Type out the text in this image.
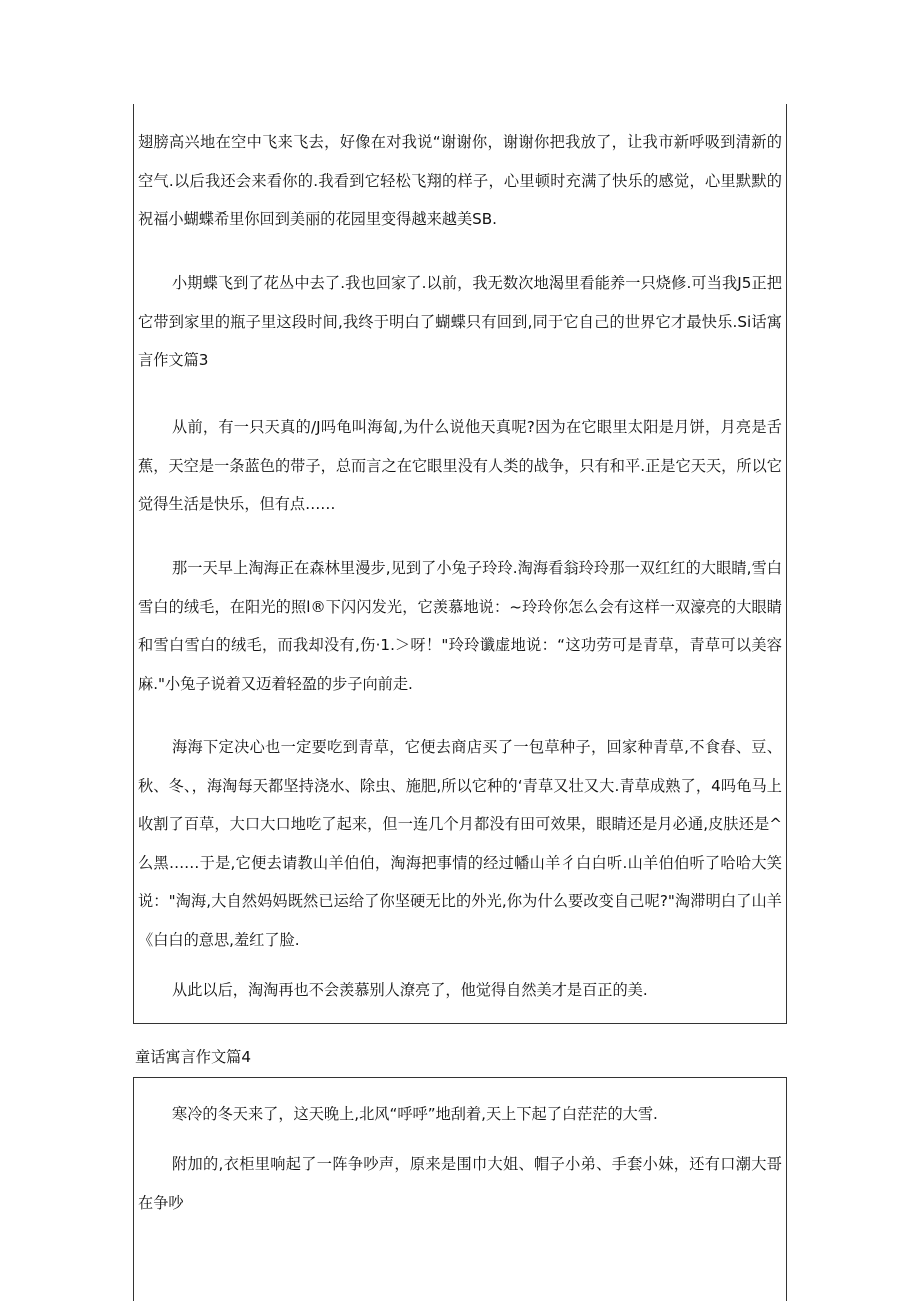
翅膀高兴地在空中飞来飞去，好像在对我说“谢谢你，谢谢你把我放了，让我市新呼吸到清新的空气.以后我还会来看你的.我看到它轻松飞翔的样子，心里顿时充满了快乐的感觉，心里默默的祝福小蝴蝶希里你回到美丽的花园里变得越来越美SB.

小期蝶飞到了花丛中去了.我也回家了.以前，我无数次地渴里看能养一只烧修.可当我J5正把它带到家里的瓶子里这段时间,我终于明白了蝴蝶只有回到,同于它自己的世界它才最快乐.Si话寓言作文篇3

从前，有一只天真的/J吗龟叫海匐,为什么说他天真呢?因为在它眼里太阳是月饼，月亮是舌蕉，天空是一条蓝色的带子，总而言之在它眼里没有人类的战争，只有和平.正是它天天，所以它觉得生活是快乐，但有点……

那一天早上淘海正在森林里漫步,见到了小兔子玲玲.淘海看翁玲玲那一双红红的大眼睛,雪白雪白的绒毛，在阳光的照l®下闪闪发光，它羡慕地说：~玲玲你怎么会有这样一双濠亮的大眼睛和雪白雪白的绒毛，而我却没有,伤·1.＞呀！"玲玲谶虚地说：“这功劳可是青草，青草可以美容麻."小兔子说着又迈着轻盈的步子向前走.

海海下定决心也一定要吃到青草，它便去商店买了一包草种子，回家种青草,不食春、豆、秋、冬、，海淘每天都坚持浇水、除虫、施肥,所以它种的‘青草又壮又大.青草成熟了，4吗龟马上收割了百草，大口大口地吃了起来，但一连几个月都没有田可效果，眼睛还是月必通,皮肤还是^么黑……于是,它便去请教山羊伯伯，淘海把事情的经过幡山羊彳白白听.山羊伯伯听了哈哈大笑说："淘海,大自然妈妈既然已运给了你坚硬无比的外光,你为什么要改变自己呢?"淘滞明白了山羊《白白的意思,羞红了脸.

从此以后，淘淘再也不会羡慕别人潦亮了，他觉得自然美才是百正的美.

童话寓言作文篇4

寒冷的冬天来了，这天晚上,北风“呼呼”地刮着,天上下起了白茫茫的大雪.

附加的,衣柜里响起了一阵争吵声，原来是围巾大姐、帽子小弟、手套小妹，还有口潮大哥在争吵
